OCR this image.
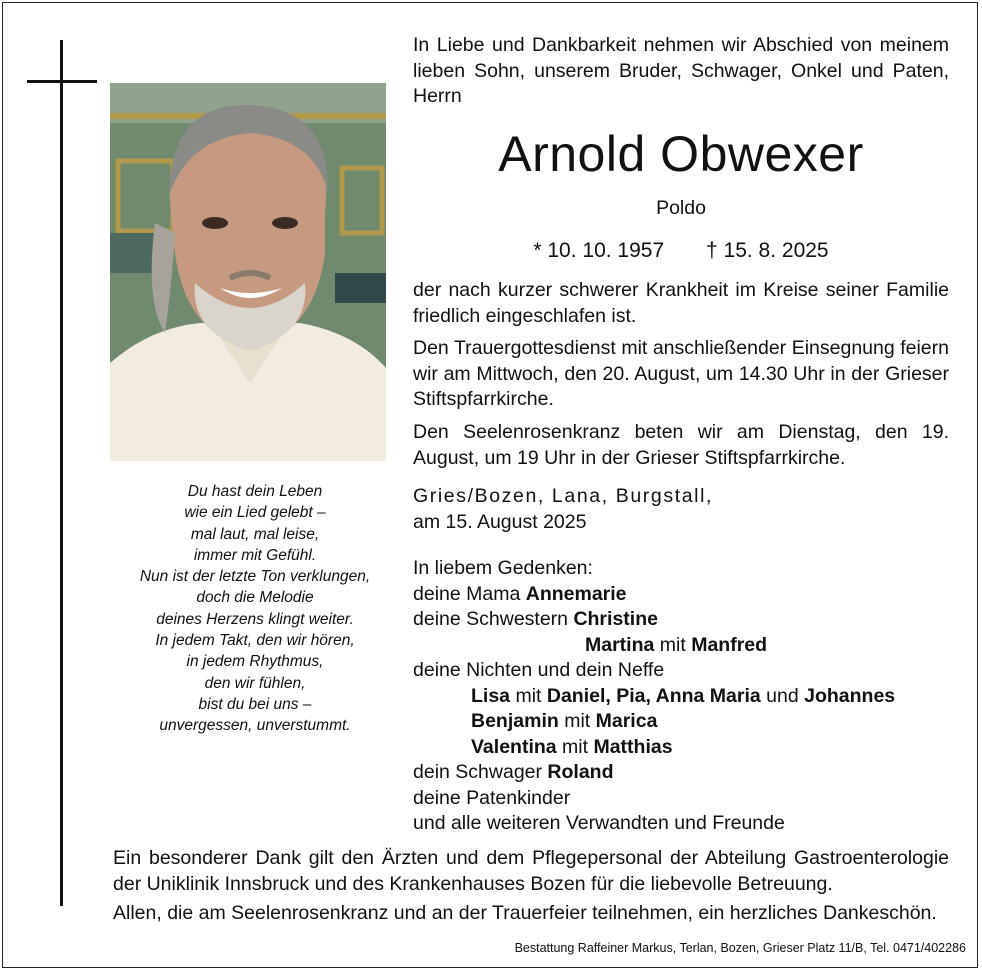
Du hast dein Leben
wie ein Lied gelebt –
mal laut, mal leise,
immer mit Gefühl.
Nun ist der letzte Ton verklungen,
doch die Melodie
deines Herzens klingt weiter.
In jedem Takt, den wir hören,
in jedem Rhythmus,
den wir fühlen,
bist du bei uns –
unvergessen, unverstummt.
In Liebe und Dankbarkeit nehmen wir Abschied von meinem lieben Sohn, unserem Bruder, Schwager, Onkel und Paten, Herrn
Arnold Obwexer
Poldo
* 10. 10. 1957 † 15. 8. 2025
der nach kurzer schwerer Krankheit im Kreise seiner Familie friedlich eingeschlafen ist.
Den Trauergottesdienst mit anschließender Einsegnung feiern wir am Mittwoch, den 20. August, um 14.30 Uhr in der Grieser Stiftspfarrkirche.
Den Seelenrosenkranz beten wir am Dienstag, den 19. August, um 19 Uhr in der Grieser Stiftspfarrkirche.
Gries/Bozen, Lana, Burgstall,
am 15. August 2025
In liebem Gedenken:
deine Mama Annemarie
deine Schwestern Christine
Martina mit Manfred
deine Nichten und dein Neffe
Lisa mit Daniel, Pia, Anna Maria und Johannes
Benjamin mit Marica
Valentina mit Matthias
dein Schwager Roland
deine Patenkinder
und alle weiteren Verwandten und Freunde
Ein besonderer Dank gilt den Ärzten und dem Pflegepersonal der Abteilung Gastroenterologie der Uniklinik Innsbruck und des Krankenhauses Bozen für die liebevolle Betreuung.
Allen, die am Seelenrosenkranz und an der Trauerfeier teilnehmen, ein herzliches Dankeschön.
Bestattung Raffeiner Markus, Terlan, Bozen, Grieser Platz 11/B, Tel. 0471/402286
